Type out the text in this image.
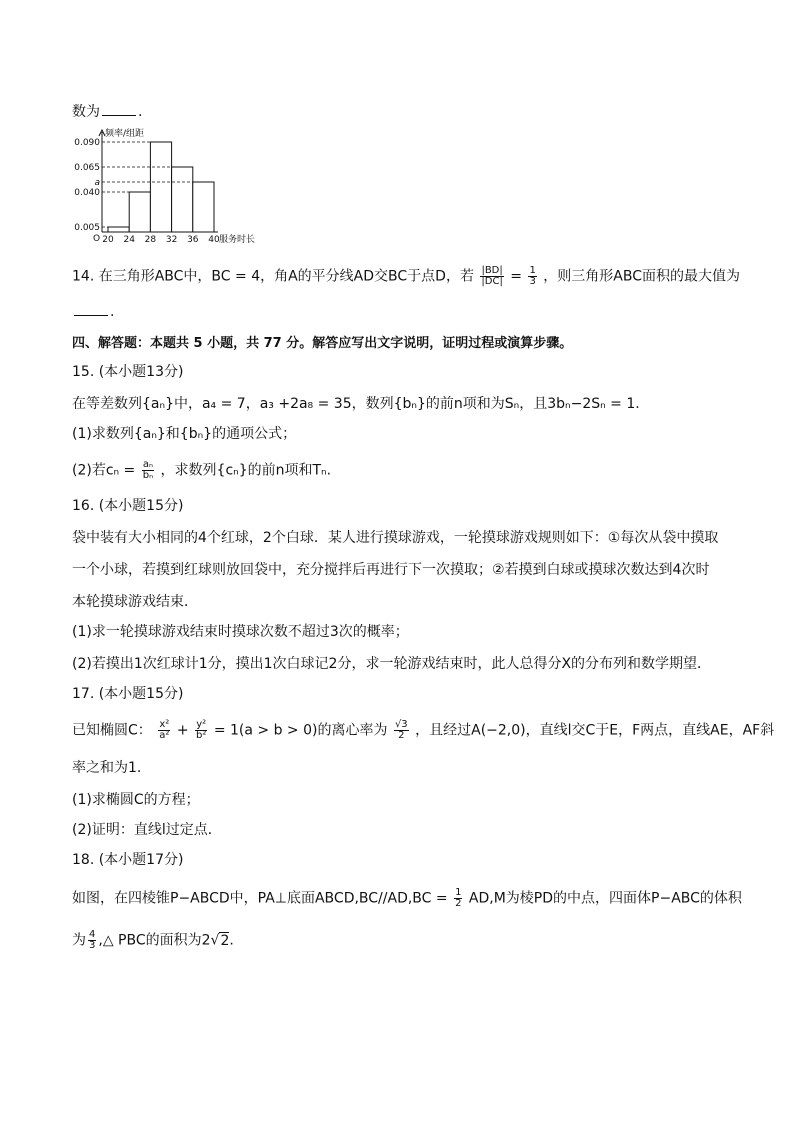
数为	.
频率/组距
O
0.090
0.065
a
0.040
0.005
20 24 28 32 36 40 服务时长
14. 在三角形ABC中，BC = 4，角A的平分线AD交BC于点D，若 $\frac{|BD|}{|DC|} = \frac{1}{3}$ ，则三角形ABC面积的最大值为
.
四、解答题：本题共 5 小题，共 77 分。解答应写出文字说明，证明过程或演算步骤。
15. (本小题13分)
在等差数列{aₙ}中，a₄ = 7，a₃ +2a₈ = 35，数列{bₙ}的前n项和为Sₙ，且3bₙ−2Sₙ = 1.
(1)求数列{aₙ}和{bₙ}的通项公式；
(2)若$c_n = \frac{\text{aₙ}}{\text{bₙ}}$ ，求数列{cₙ}的前n项和Tₙ.
16. (本小题15分)
袋中装有大小相同的4个红球，2个白球．某人进行摸球游戏，一轮摸球游戏规则如下：①每次从袋中摸取
一个小球，若摸到红球则放回袋中，充分搅拌后再进行下一次摸取；②若摸到白球或摸球次数达到4次时
本轮摸球游戏结束．
(1)求一轮摸球游戏结束时摸球次数不超过3次的概率；
(2)若摸出1次红球计1分，摸出1次白球记2分，求一轮游戏结束时，此人总得分X的分布列和数学期望．
17. (本小题15分)
已知椭圆C： $\frac{\text{x²}}{\text{a²}} + \frac{\text{y²}}{\text{b²}} = 1(a > b > 0)$的离心率为 $\frac{√3}{2}$ ，且经过A(−2,0)，直线l交C于E，F两点，直线AE，AF斜
率之和为1.
(1)求椭圆C的方程；
(2)证明：直线l过定点．
18. (本小题17分)
如图，在四棱锥P−ABCD中，PA⊥底面ABCD,BC//AD,BC = $\frac{1}{2} AD,M$为棱PD的中点，四面体P−ABC的体积
为 $\frac{4}{3}$ ,△ PBC的面积为2√2.
